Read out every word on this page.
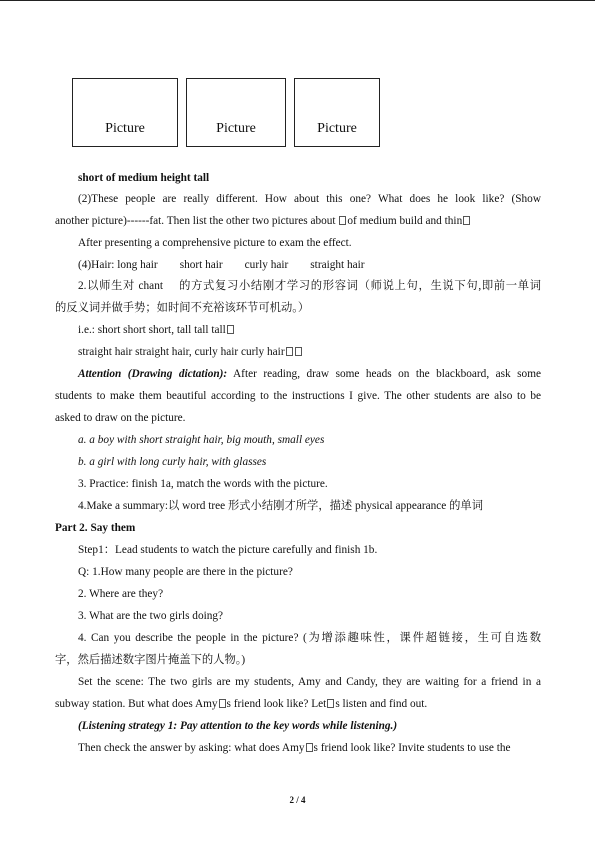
Picture	Picture	Picture
short of medium height tall
(2)These people are really different. How about this one? What does he look like? (Show
another picture)------fat. Then list the other two pictures about of medium build and thin
After presenting a comprehensive picture to exam the effect.
(4)Hair: long hair short hair curly hair straight hair
2.以师生对 chant　 的方式复习小结刚才学习的形容词（师说上句，生说下句,即前一单词
的反义词并做手势；如时间不充裕该环节可机动。）
i.e.: short short short, tall tall tall
straight hair straight hair, curly hair curly hair
Attention (Drawing dictation): After reading, draw some heads on the blackboard, ask some
students to make them beautiful according to the instructions I give. The other students are also to be
asked to draw on the picture.
a. a boy with short straight hair, big mouth, small eyes
b. a girl with long curly hair, with glasses
3. Practice: finish 1a, match the words with the picture.
4.Make a summary:以 word tree 形式小结刚才所学，描述 physical appearance 的单词
Part 2. Say them
Step1：Lead students to watch the picture carefully and finish 1b.
Q: 1.How many people are there in the picture?
2. Where are they?
3. What are the two girls doing?
4. Can you describe the people in the picture? (为增添趣味性，课件超链接，生可自选数
字，然后描述数字图片掩盖下的人物。)
Set the scene: The two girls are my students, Amy and Candy, they are waiting for a friend in a
subway station. But what does Amy s friend look like? Let s listen and find out.
(Listening strategy 1: Pay attention to the key words while listening.)
Then check the answer by asking: what does Amy s friend look like? Invite students to use the
2 / 4
